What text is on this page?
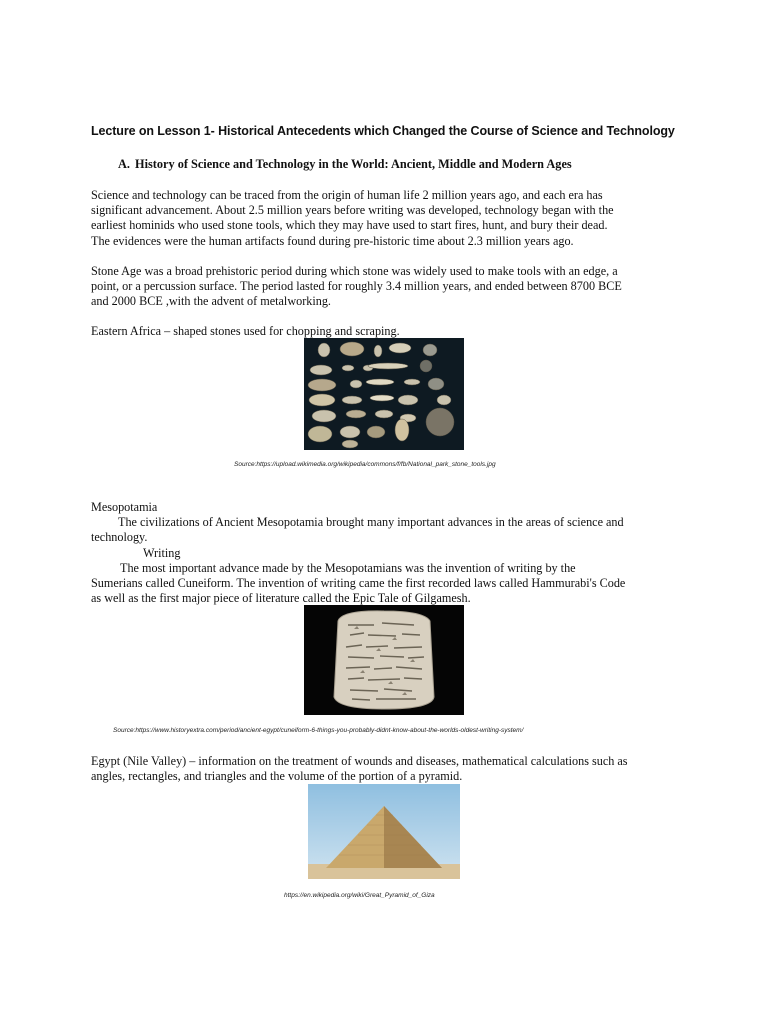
Lecture on Lesson 1- Historical Antecedents which Changed the Course of Science and Technology
A. History of Science and Technology in the World: Ancient, Middle and Modern Ages
Science and technology can be traced from the origin of human life 2 million years ago, and each era has
significant advancement. About 2.5 million years before writing was developed, technology began with the
earliest hominids who used stone tools, which they may have used to start fires, hunt, and bury their dead.
The evidences were the human artifacts found during pre-historic time about 2.3 million years ago.
Stone Age was a broad prehistoric period during which stone was widely used to make tools with an edge, a
point, or a percussion surface. The period lasted for roughly 3.4 million years, and ended between 8700 BCE
and 2000 BCE ,with the advent of metalworking.
Eastern Africa – shaped stones used for chopping and scraping.
Source:https://upload.wikimedia.org/wikipedia/commons/f/fb/National_park_stone_tools.jpg
Mesopotamia
The civilizations of Ancient Mesopotamia brought many important advances in the areas of science and
technology.
Writing
The most important advance made by the Mesopotamians was the invention of writing by the
Sumerians called Cuneiform. The invention of writing came the first recorded laws called Hammurabi's Code
as well as the first major piece of literature called the Epic Tale of Gilgamesh.
Source:https://www.historyextra.com/period/ancient-egypt/cuneiform-6-things-you-probably-didnt-know-about-the-worlds-oldest-writing-system/
Egypt (Nile Valley) – information on the treatment of wounds and diseases, mathematical calculations such as
angles, rectangles, and triangles and the volume of the portion of a pyramid.
https://en.wikipedia.org/wiki/Great_Pyramid_of_Giza
